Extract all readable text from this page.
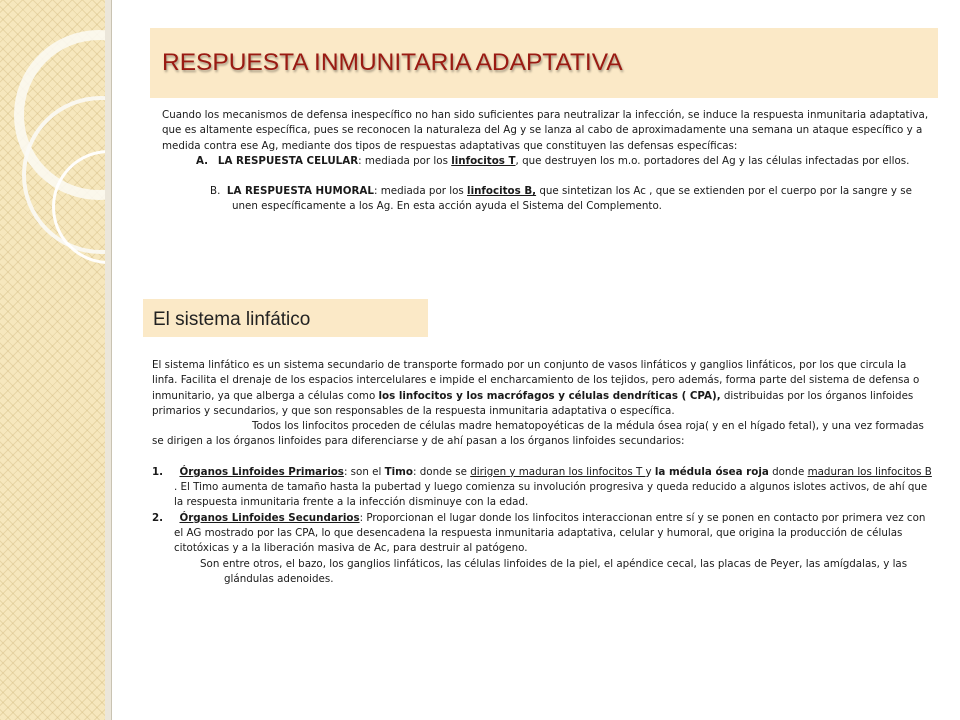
RESPUESTA INMUNITARIA ADAPTATIVA

Cuando los mecanismos de defensa inespecífico no han sido suficientes para neutralizar la infección, se induce la respuesta inmunitaria adaptativa, que es altamente específica, pues se reconocen la naturaleza del Ag y se lanza al cabo de aproximadamente una semana un ataque específico y a medida contra ese Ag, mediante dos tipos de respuestas adaptativas que constituyen las defensas específicas:

A. LA RESPUESTA CELULAR: mediada por los linfocitos T, que destruyen los m.o. portadores del Ag y las células infectadas por ellos.

B. LA RESPUESTA HUMORAL: mediada por los linfocitos B, que sintetizan los Ac , que se extienden por el cuerpo por la sangre y se unen específicamente a los Ag. En esta acción ayuda el Sistema del Complemento.

El sistema linfático

El sistema linfático es un sistema secundario de transporte formado por un conjunto de vasos linfáticos y ganglios linfáticos, por los que circula la linfa. Facilita el drenaje de los espacios intercelulares e impide el encharcamiento de los tejidos, pero además, forma parte del sistema de defensa o inmunitario, ya que alberga a células como los linfocitos y los macrófagos y células dendríticas ( CPA), distribuidas por los órganos linfoides primarios y secundarios, y que son responsables de la respuesta inmunitaria adaptativa o específica.

Todos los linfocitos proceden de células madre hematopoyéticas de la médula ósea roja( y en el hígado fetal), y una vez formadas se dirigen a los órganos linfoides para diferenciarse y de ahí pasan a los órganos linfoides secundarios:

1. Órganos Linfoides Primarios: son el Timo: donde se dirigen y maduran los linfocitos T y la médula ósea roja donde maduran los linfocitos B . El Timo aumenta de tamaño hasta la pubertad y luego comienza su involución progresiva y queda reducido a algunos islotes activos, de ahí que la respuesta inmunitaria frente a la infección disminuye con la edad.

2. Órganos Linfoides Secundarios: Proporcionan el lugar donde los linfocitos interaccionan entre sí y se ponen en contacto por primera vez con el AG mostrado por las CPA, lo que desencadena la respuesta inmunitaria adaptativa, celular y humoral, que origina la producción de células citotóxicas y a la liberación masiva de Ac, para destruir al patógeno.

Son entre otros, el bazo, los ganglios linfáticos, las células linfoides de la piel, el apéndice cecal, las placas de Peyer, las amígdalas, y las glándulas adenoides.
